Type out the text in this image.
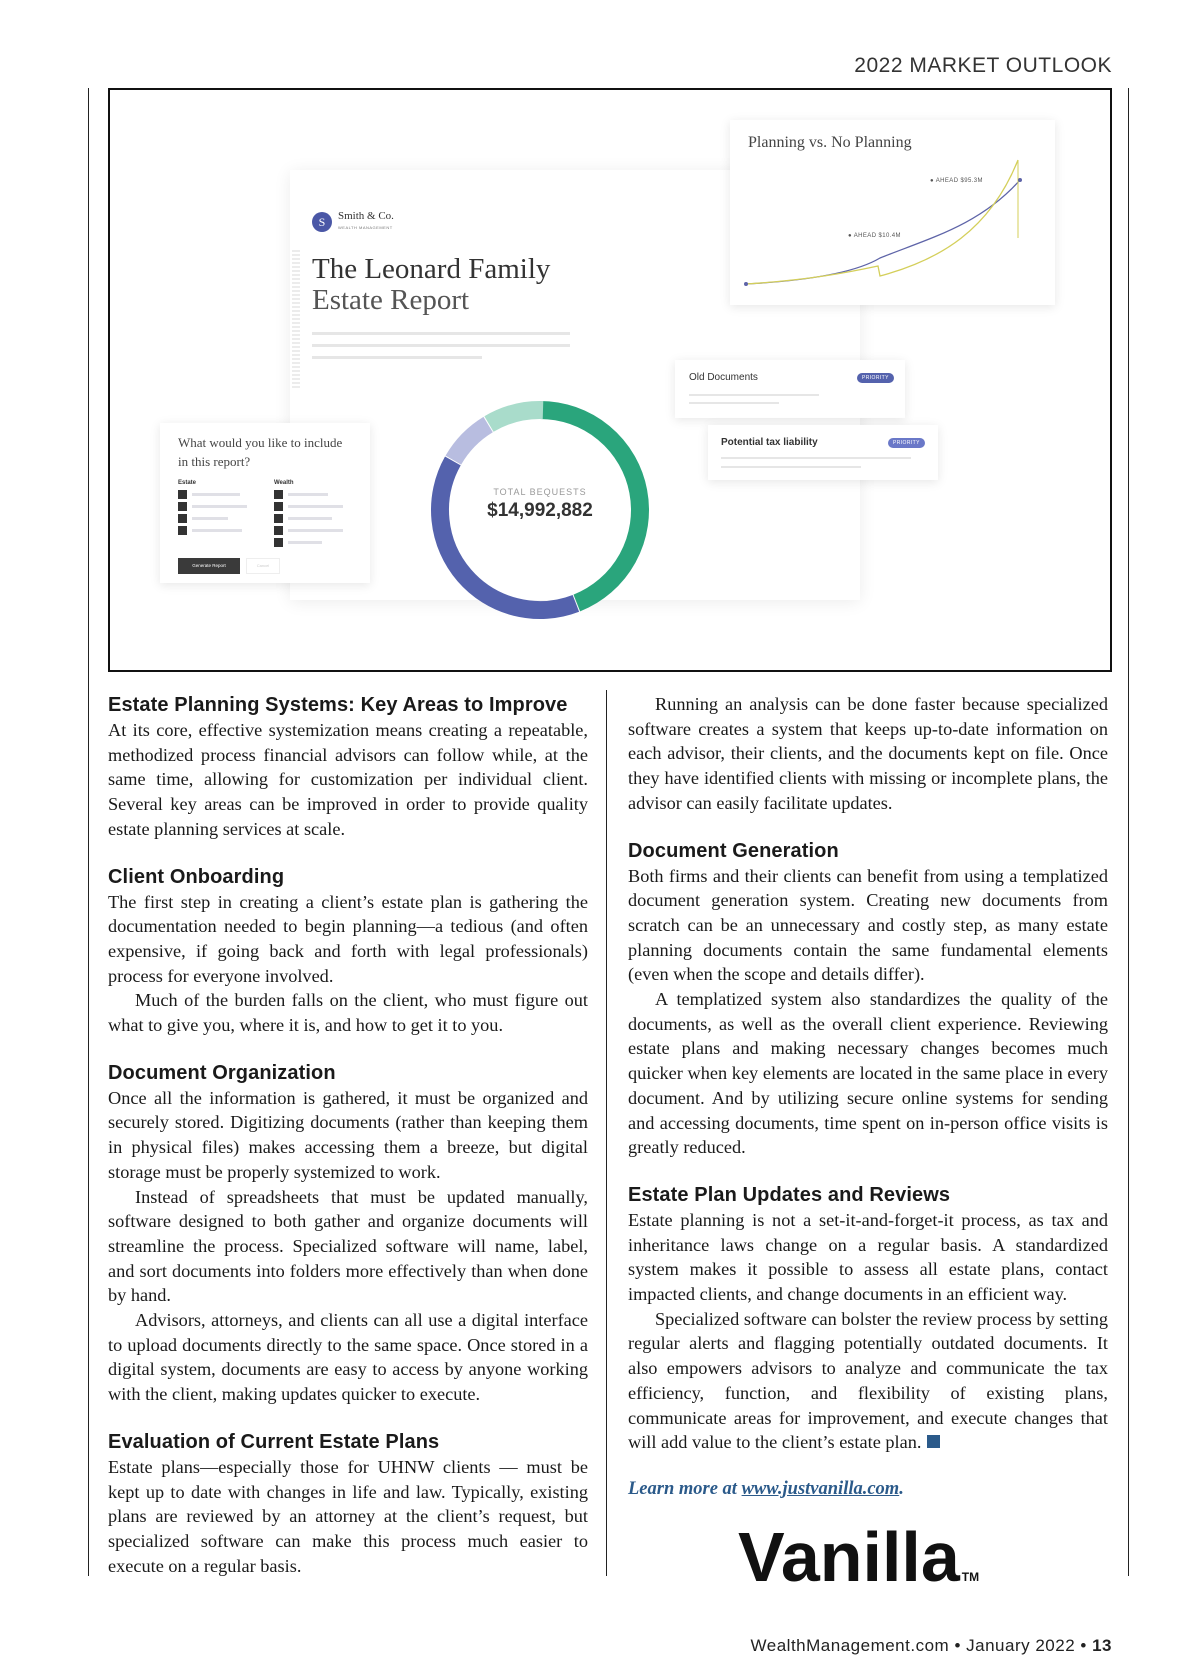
2022 MARKET OUTLOOK
S	Smith & Co.
WEALTH MANAGEMENT
The Leonard Family
Estate Report
Planning vs. No Planning
● AHEAD $95.3M
● AHEAD $10.4M
Old Documents	PRIORITY
Potential tax liability	PRIORITY
What would you like to include
in this report?
Estate	Wealth
Generate Report	Cancel
TOTAL BEQUESTS
$14,992,882
Estate Planning Systems: Key Areas to Improve

At its core, effective systemization means creating a repeatable, methodized process financial advisors can follow while, at the same time, allowing for customization per individual client. Several key areas can be improved in order to provide quality estate planning services at scale.

Client Onboarding

The first step in creating a client’s estate plan is gathering the documentation needed to begin planning—a tedious (and often expensive, if going back and forth with legal professionals) process for everyone involved.

Much of the burden falls on the client, who must figure out what to give you, where it is, and how to get it to you.

Document Organization

Once all the information is gathered, it must be organized and securely stored. Digitizing documents (rather than keeping them in physical files) makes accessing them a breeze, but digital storage must be properly systemized to work.

Instead of spreadsheets that must be updated manually, software designed to both gather and organize documents will streamline the process. Specialized software will name, label, and sort documents into folders more effectively than when done by hand.

Advisors, attorneys, and clients can all use a digital interface to upload documents directly to the same space. Once stored in a digital system, documents are easy to access by anyone working with the client, making updates quicker to execute.

Evaluation of Current Estate Plans

Estate plans—especially those for UHNW clients — must be kept up to date with changes in life and law. Typically, existing plans are reviewed by an attorney at the client’s request, but specialized software can make this process much easier to execute on a regular basis.

Running an analysis can be done faster because specialized software creates a system that keeps up-to-date information on each advisor, their clients, and the documents kept on file. Once they have identified clients with missing or incomplete plans, the advisor can easily facilitate updates.

Document Generation

Both firms and their clients can benefit from using a templatized document generation system. Creating new documents from scratch can be an unnecessary and costly step, as many estate planning documents contain the same fundamental elements (even when the scope and details differ).

A templatized system also standardizes the quality of the documents, as well as the overall client experience. Reviewing estate plans and making necessary changes becomes much quicker when key elements are located in the same place in every document. And by utilizing secure online systems for sending and accessing documents, time spent on in-person office visits is greatly reduced.

Estate Plan Updates and Reviews

Estate planning is not a set-it-and-forget-it process, as tax and inheritance laws change on a regular basis. A standardized system makes it possible to assess all estate plans, contact impacted clients, and change documents in an efficient way.

Specialized software can bolster the review process by setting regular alerts and flagging potentially outdated documents. It also empowers advisors to analyze and communicate the tax efficiency, function, and flexibility of existing plans, communicate areas for improvement, and execute changes that will add value to the client’s estate plan.

Learn more at www.justvanilla.com.

Vanilla TM
WealthManagement.com • January 2022 • 13
